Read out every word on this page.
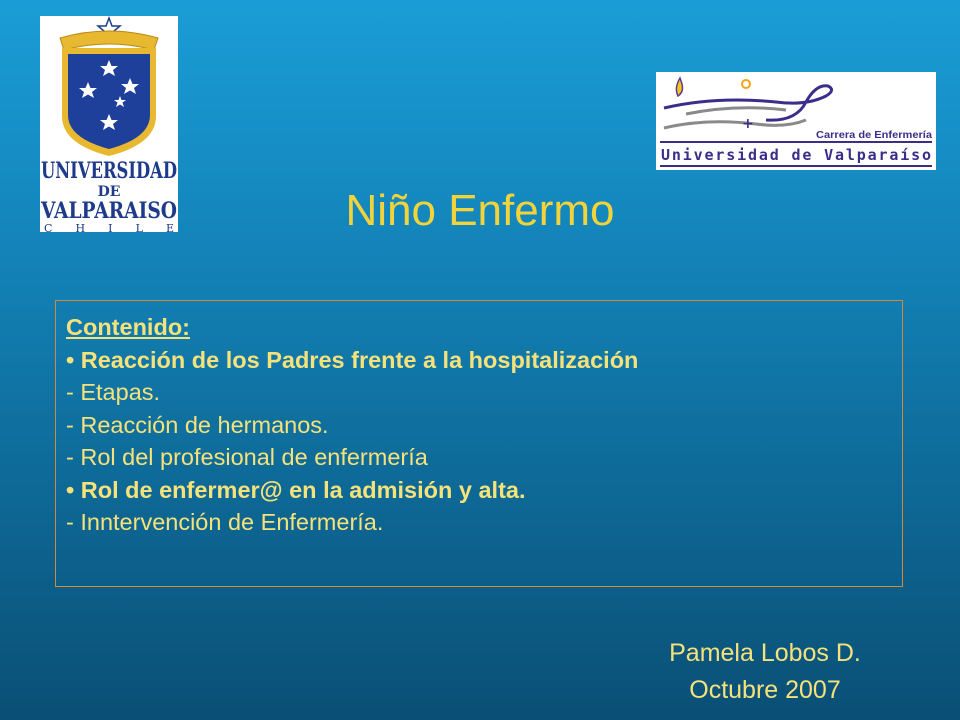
UNIVERSIDAD
DE
VALPARAISO
C H I L E
+
Carrera de Enfermería
Universidad de Valparaíso
Niño Enfermo
Contenido:
• Reacción de los Padres frente a la hospitalización
- Etapas.
- Reacción de hermanos.
- Rol del profesional de enfermería
• Rol de enfermer@ en la admisión y alta.
- Inntervención de Enfermería.
Pamela Lobos D.
Octubre 2007
